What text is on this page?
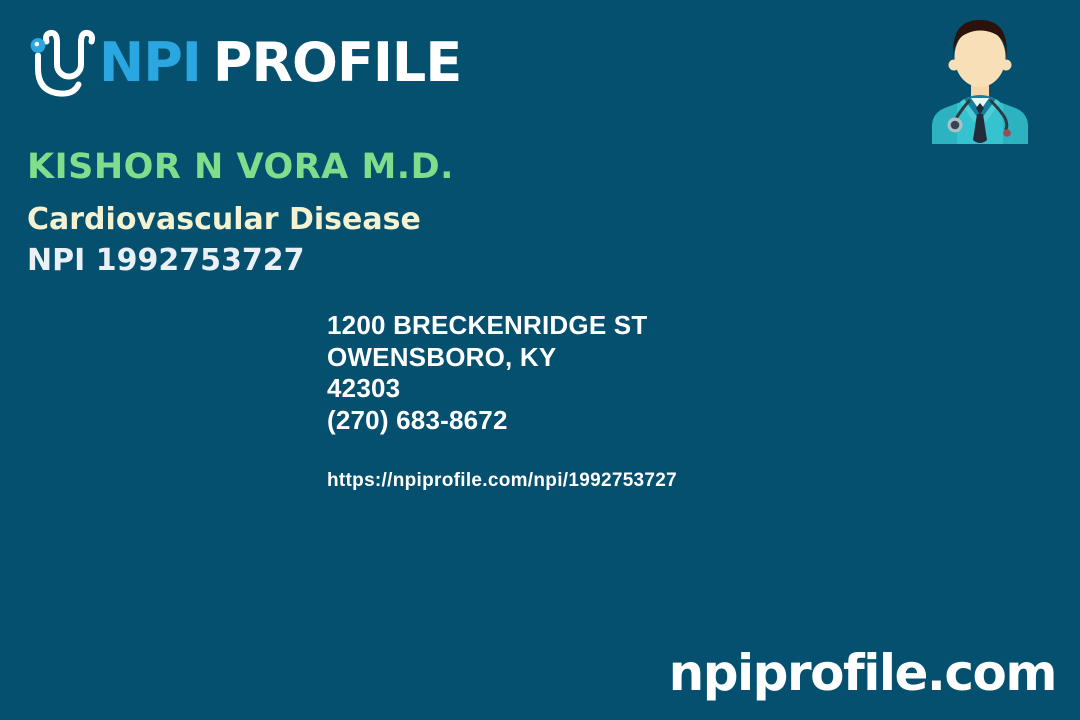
NPI PROFILE
KISHOR N VORA M.D.
Cardiovascular Disease
NPI 1992753727
1200 BRECKENRIDGE ST
OWENSBORO, KY
42303
(270) 683-8672
https://npiprofile.com/npi/1992753727
npiprofile.com
